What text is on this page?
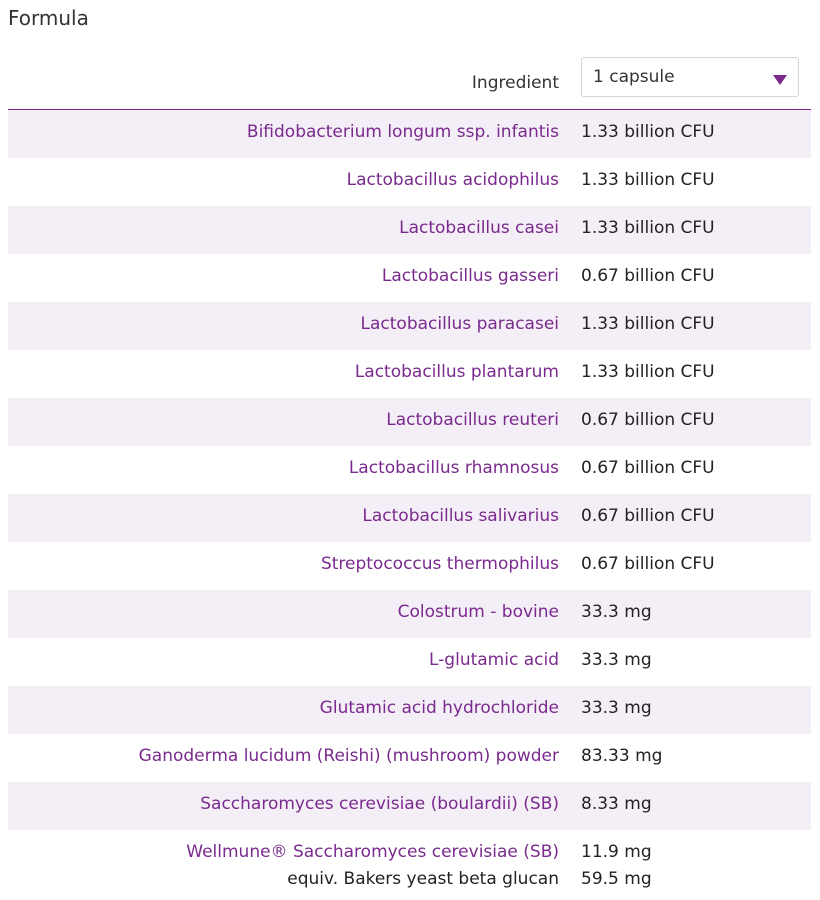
Formula
Ingredient 1 capsule
Bifidobacterium longum ssp. infantis 1.33 billion CFU
Lactobacillus acidophilus 1.33 billion CFU
Lactobacillus casei 1.33 billion CFU
Lactobacillus gasseri 0.67 billion CFU
Lactobacillus paracasei 1.33 billion CFU
Lactobacillus plantarum 1.33 billion CFU
Lactobacillus reuteri 0.67 billion CFU
Lactobacillus rhamnosus 0.67 billion CFU
Lactobacillus salivarius 0.67 billion CFU
Streptococcus thermophilus 0.67 billion CFU
Colostrum - bovine 33.3 mg
L-glutamic acid 33.3 mg
Glutamic acid hydrochloride 33.3 mg
Ganoderma lucidum (Reishi) (mushroom) powder 83.33 mg
Saccharomyces cerevisiae (boulardii) (SB) 8.33 mg
Wellmune® Saccharomyces cerevisiae (SB) 11.9 mg
equiv. Bakers yeast beta glucan 59.5 mg
